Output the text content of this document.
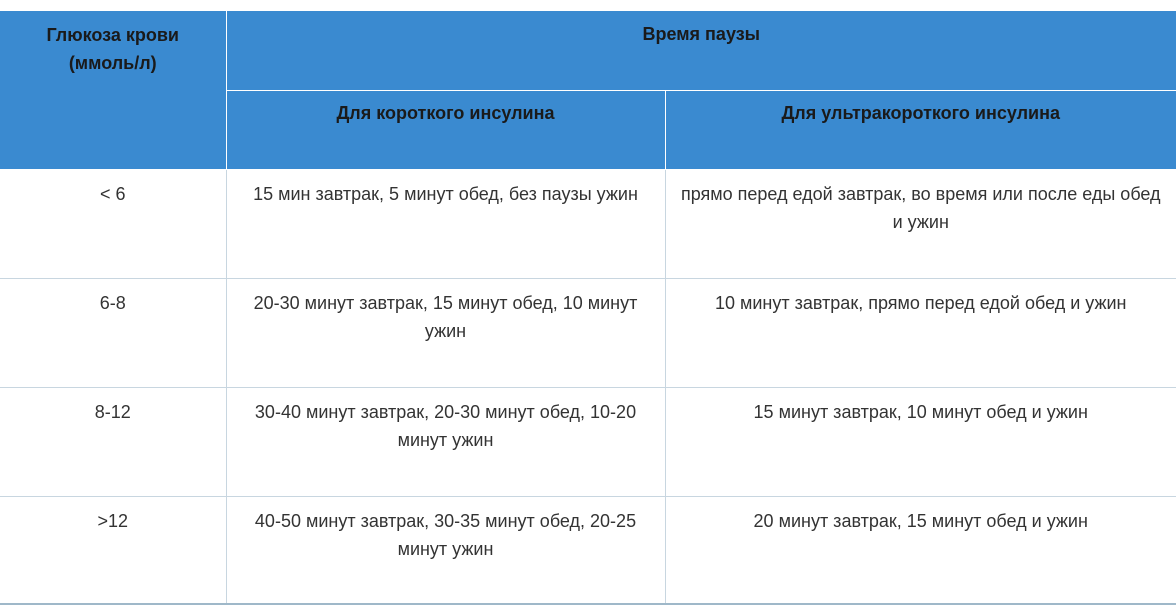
Глюкоза крови (ммоль/л)	Время паузы	
	Для короткого инсулина	Для ультракороткого инсулина
< 6	15 мин завтрак, 5 минут обед, без паузы ужин	прямо перед едой завтрак, во время или после еды обед и ужин
6-8	20-30 минут завтрак, 15 минут обед, 10 минут ужин	10 минут завтрак, прямо перед едой обед и ужин
8-12	30-40 минут завтрак, 20-30 минут обед, 10-20 минут ужин	15 минут завтрак, 10 минут обед и ужин
>12	40-50 минут завтрак, 30-35 минут обед, 20-25 минут ужин	20 минут завтрак, 15 минут обед и ужин
